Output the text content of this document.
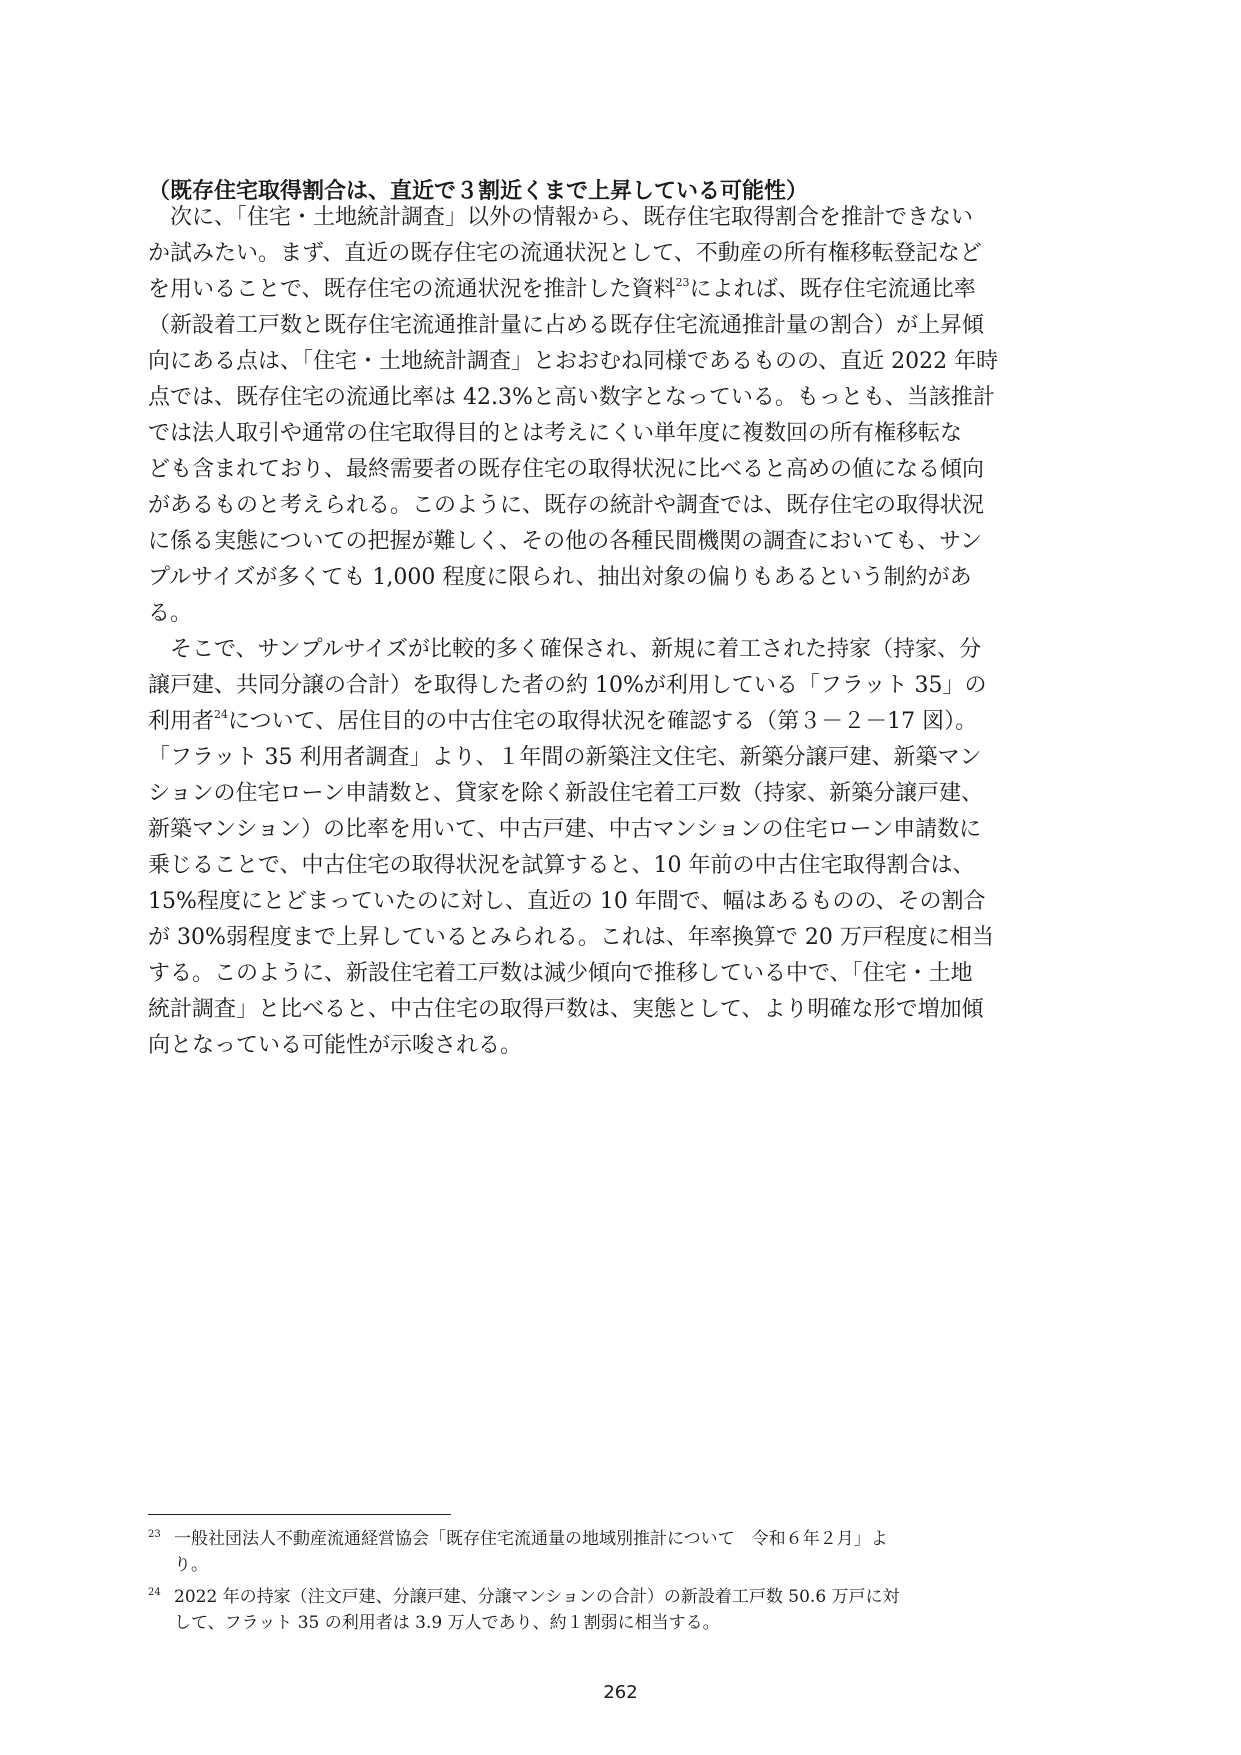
（既存住宅取得割合は、直近で３割近くまで上昇している可能性）
　次に、「住宅・土地統計調査」以外の情報から、既存住宅取得割合を推計できない
か試みたい。まず、直近の既存住宅の流通状況として、不動産の所有権移転登記など
を用いることで、既存住宅の流通状況を推計した資料$^{23}$によれば、既存住宅流通比率
（新設着工戸数と既存住宅流通推計量に占める既存住宅流通推計量の割合）が上昇傾
向にある点は、「住宅・土地統計調査」とおおむね同様であるものの、直近 2022 年時
点では、既存住宅の流通比率は 42.3%と高い数字となっている。もっとも、当該推計
では法人取引や通常の住宅取得目的とは考えにくい単年度に複数回の所有権移転な
ども含まれており、最終需要者の既存住宅の取得状況に比べると高めの値になる傾向
があるものと考えられる。このように、既存の統計や調査では、既存住宅の取得状況
に係る実態についての把握が難しく、その他の各種民間機関の調査においても、サン
プルサイズが多くても 1,000 程度に限られ、抽出対象の偏りもあるという制約があ
る。
　そこで、サンプルサイズが比較的多く確保され、新規に着工された持家（持家、分
譲戸建、共同分譲の合計）を取得した者の約 10%が利用している「フラット 35」の
利用者$^{24}$について、居住目的の中古住宅の取得状況を確認する（第３－２－17 図）。
「フラット 35 利用者調査」より、１年間の新築注文住宅、新築分譲戸建、新築マン
ションの住宅ローン申請数と、貸家を除く新設住宅着工戸数（持家、新築分譲戸建、
新築マンション）の比率を用いて、中古戸建、中古マンションの住宅ローン申請数に
乗じることで、中古住宅の取得状況を試算すると、10 年前の中古住宅取得割合は、
15%程度にとどまっていたのに対し、直近の 10 年間で、幅はあるものの、その割合
が 30%弱程度まで上昇しているとみられる。これは、年率換算で 20 万戸程度に相当
する。このように、新設住宅着工戸数は減少傾向で推移している中で、「住宅・土地
統計調査」と比べると、中古住宅の取得戸数は、実態として、より明確な形で増加傾
向となっている可能性が示唆される。
23 一般社団法人不動産流通経営協会「既存住宅流通量の地域別推計について　令和６年２月」よ
り。
24 2022 年の持家（注文戸建、分譲戸建、分譲マンションの合計）の新設着工戸数 50.6 万戸に対
して、フラット 35 の利用者は 3.9 万人であり、約１割弱に相当する。
262
